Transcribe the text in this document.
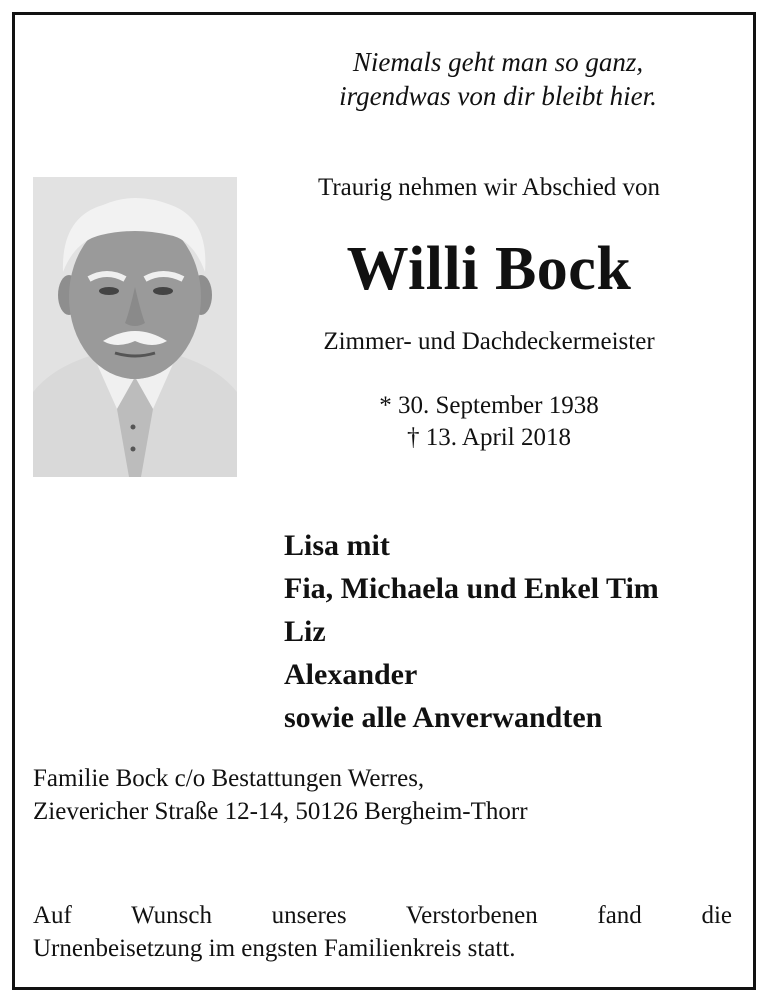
Niemals geht man so ganz,
irgendwas von dir bleibt hier.
Traurig nehmen wir Abschied von
Willi Bock
Zimmer- und Dachdeckermeister
* 30. September 1938
† 13. April 2018
Lisa mit
Fia, Michaela und Enkel Tim
Liz
Alexander
sowie alle Anverwandten
Familie Bock c/o Bestattungen Werres,
Zievericher Straße 12-14, 50126 Bergheim-Thorr
Auf Wunsch unseres Verstorbenen fand die
Urnenbeisetzung im engsten Familienkreis statt.
